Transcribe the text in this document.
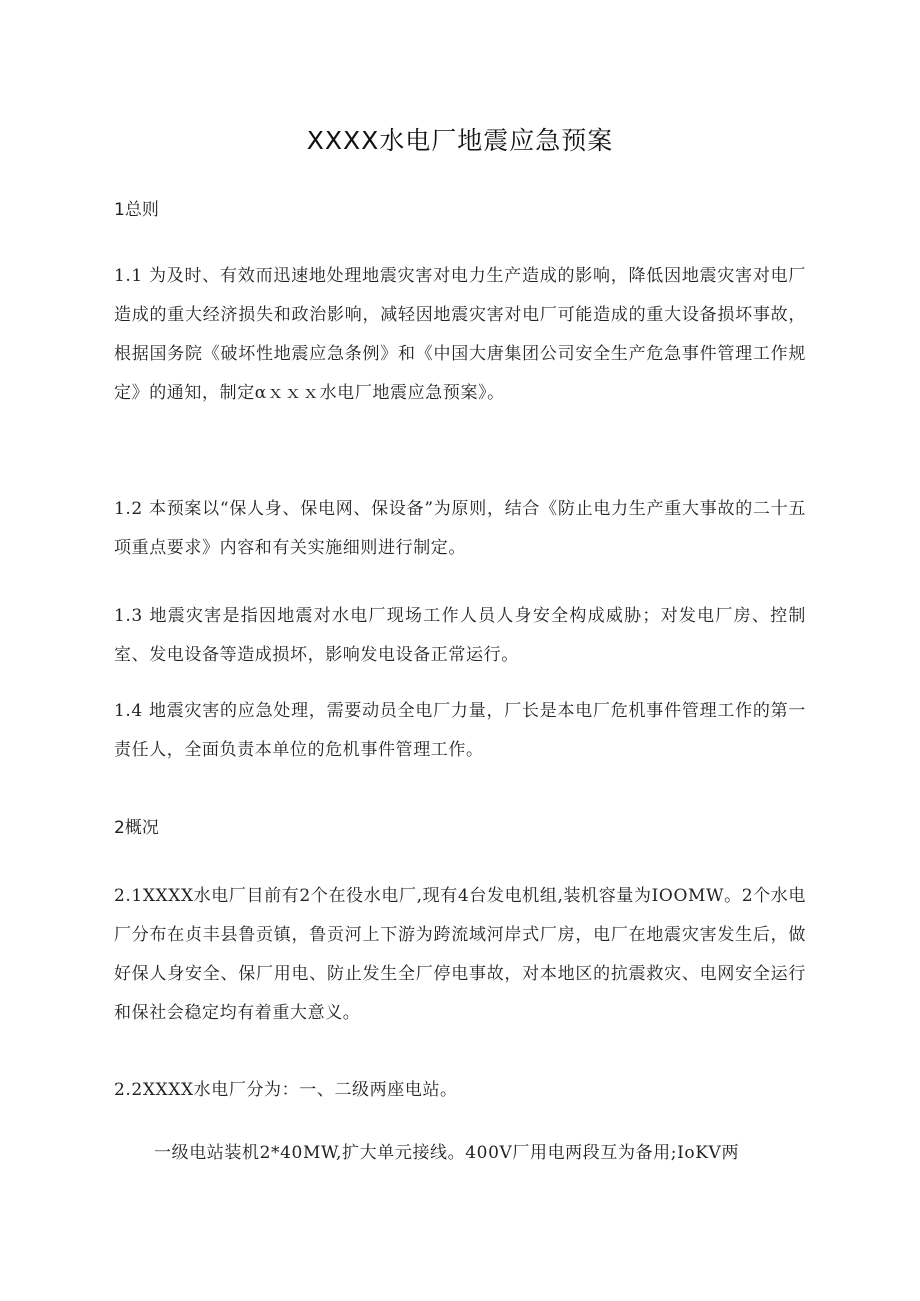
XXXX水电厂地震应急预案
1总则
1.1 为及时、有效而迅速地处理地震灾害对电力生产造成的影响，降低因地震灾害对电厂造成的重大经济损失和政治影响，减轻因地震灾害对电厂可能造成的重大设备损坏事故，根据国务院《破坏性地震应急条例》和《中国大唐集团公司安全生产危急事件管理工作规定》的通知，制定αｘｘｘ水电厂地震应急预案》。
1.2 本预案以“保人身、保电网、保设备”为原则，结合《防止电力生产重大事故的二十五项重点要求》内容和有关实施细则进行制定。
1.3 地震灾害是指因地震对水电厂现场工作人员人身安全构成威胁；对发电厂房、控制室、发电设备等造成损坏，影响发电设备正常运行。
1.4 地震灾害的应急处理，需要动员全电厂力量，厂长是本电厂危机事件管理工作的第一责任人，全面负责本单位的危机事件管理工作。
2概况
2.1XXXX水电厂目前有2个在役水电厂,现有4台发电机组,装机容量为IOOMW。2个水电厂分布在贞丰县鲁贡镇，鲁贡河上下游为跨流域河岸式厂房，电厂在地震灾害发生后，做好保人身安全、保厂用电、防止发生全厂停电事故，对本地区的抗震救灾、电网安全运行和保社会稳定均有着重大意义。
2.2XXXX水电厂分为：一、二级两座电站。
一级电站装机2*40MW,扩大单元接线。400V厂用电两段互为备用;IoKV两
